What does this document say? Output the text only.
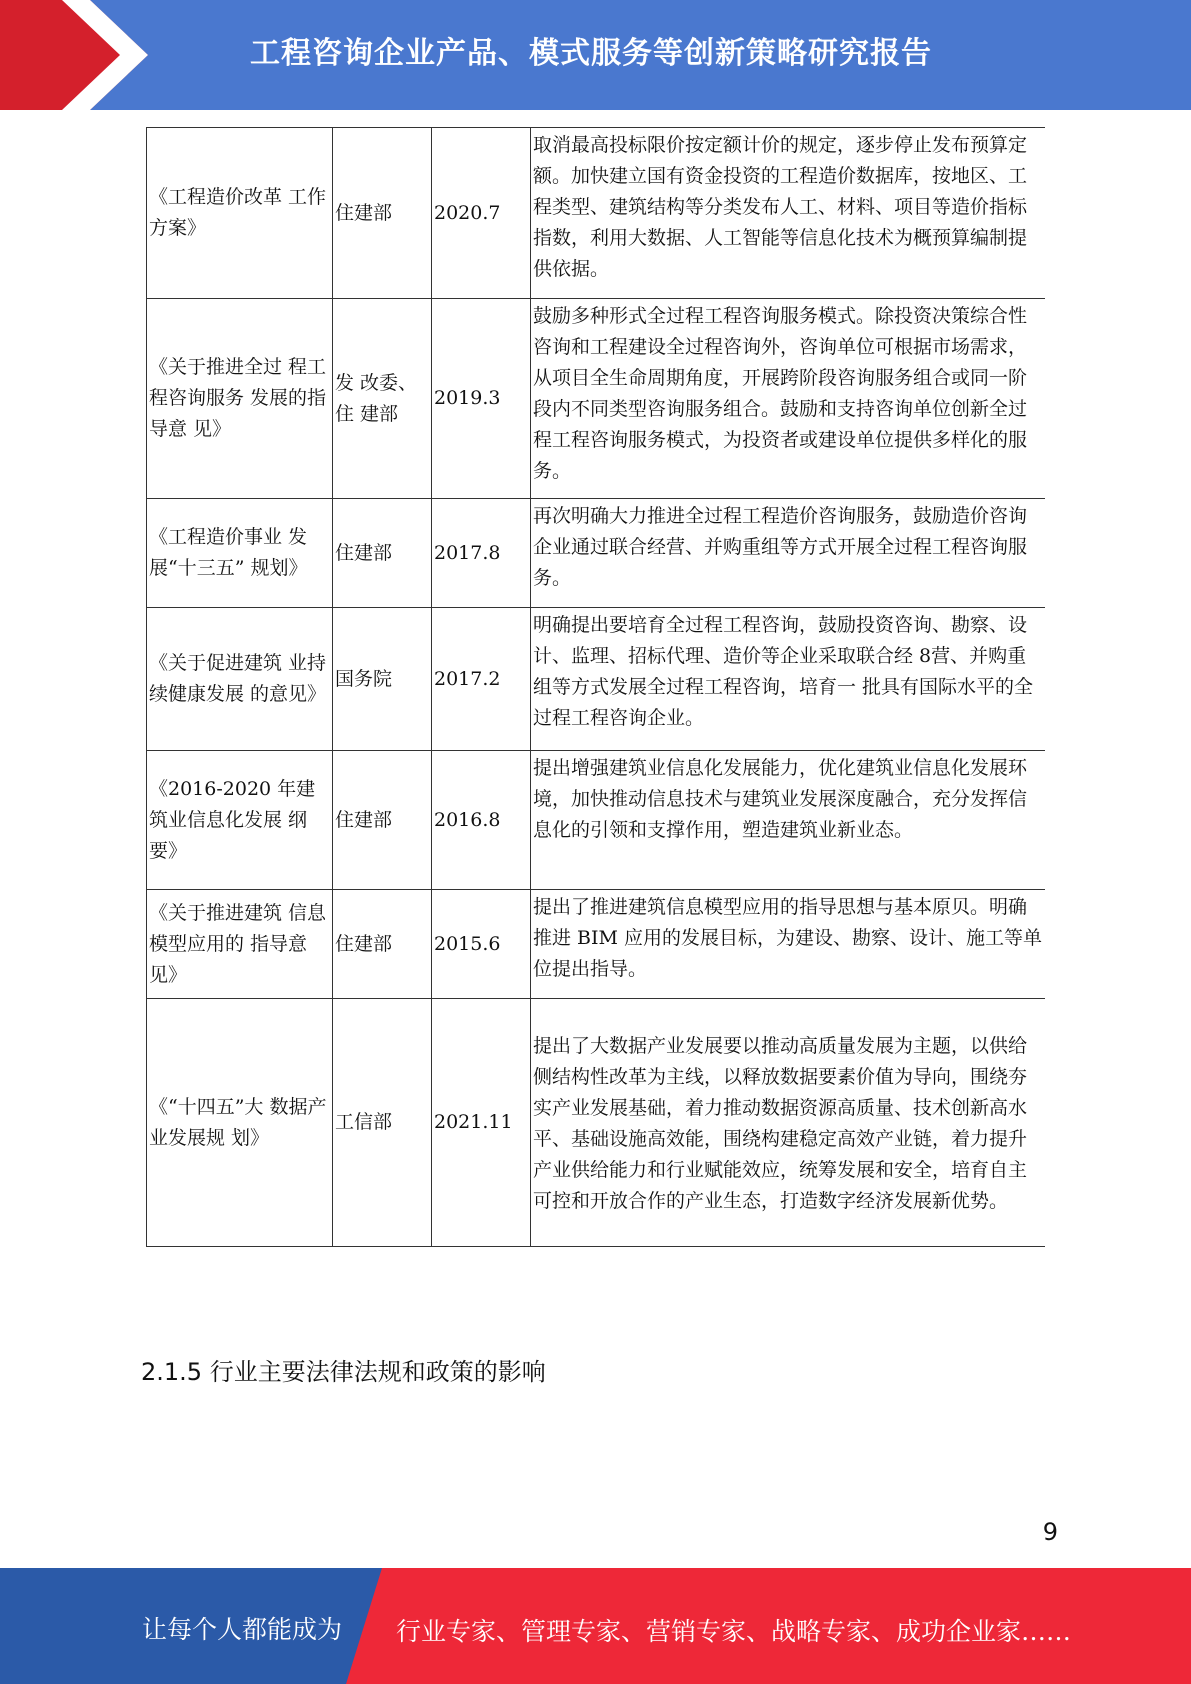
工程咨询企业产品、模式服务等创新策略研究报告
《工程造价改革 工作方案》	住建部	2020.7	取消最高投标限价按定额计价的规定，逐步停止发布预算定额。加快建立国有资金投资的工程造价数据库，按地区、工程类型、建筑结构等分类发布人工、材料、项目等造价指标指数，利用大数据、人工智能等信息化技术为概预算编制提供依据。
《关于推进全过 程工程咨询服务 发展的指导意 见》	发 改委、住 建部	2019.3	鼓励多种形式全过程工程咨询服务模式。除投资决策综合性咨询和工程建设全过程咨询外，咨询单位可根据市场需求，从项目全生命周期角度，开展跨阶段咨询服务组合或同一阶段内不同类型咨询服务组合。鼓励和支持咨询单位创新全过程工程咨询服务模式，为投资者或建设单位提供多样化的服务。
《工程造价事业 发展“十三五” 规划》	住建部	2017.8	再次明确大力推进全过程工程造价咨询服务，鼓励造价咨询企业通过联合经营、并购重组等方式开展全过程工程咨询服务。
《关于促进建筑 业持续健康发展 的意见》	国务院	2017.2	明确提出要培育全过程工程咨询，鼓励投资咨询、勘察、设计、监理、招标代理、造价等企业采取联合经 8营、并购重组等方式发展全过程工程咨询，培育一 批具有国际水平的全过程工程咨询企业。
《2016-2020 年建筑业信息化发展 纲要》	住建部	2016.8	提出增强建筑业信息化发展能力，优化建筑业信息化发展环境，加快推动信息技术与建筑业发展深度融合，充分发挥信息化的引领和支撑作用，塑造建筑业新业态。
《关于推进建筑 信息模型应用的 指导意见》	住建部	2015.6	提出了推进建筑信息模型应用的指导思想与基本原贝。明确推进 BIM 应用的发展目标，为建设、勘察、设计、施工等单位提出指导。
《“十四五”大 数据产业发展规 划》	工信部	2021.11	提出了大数据产业发展要以推动高质量发展为主题，以供给侧结构性改革为主线，以释放数据要素价值为导向，围绕夯实产业发展基础，着力推动数据资源高质量、技术创新高水平、基础设施高效能，围绕构建稳定高效产业链，着力提升产业供给能力和行业赋能效应，统筹发展和安全，培育自主可控和开放合作的产业生态，打造数字经济发展新优势。
2.1.5 行业主要法律法规和政策的影响
9
让每个人都能成为 行业专家、管理专家、营销专家、战略专家、成功企业家……
